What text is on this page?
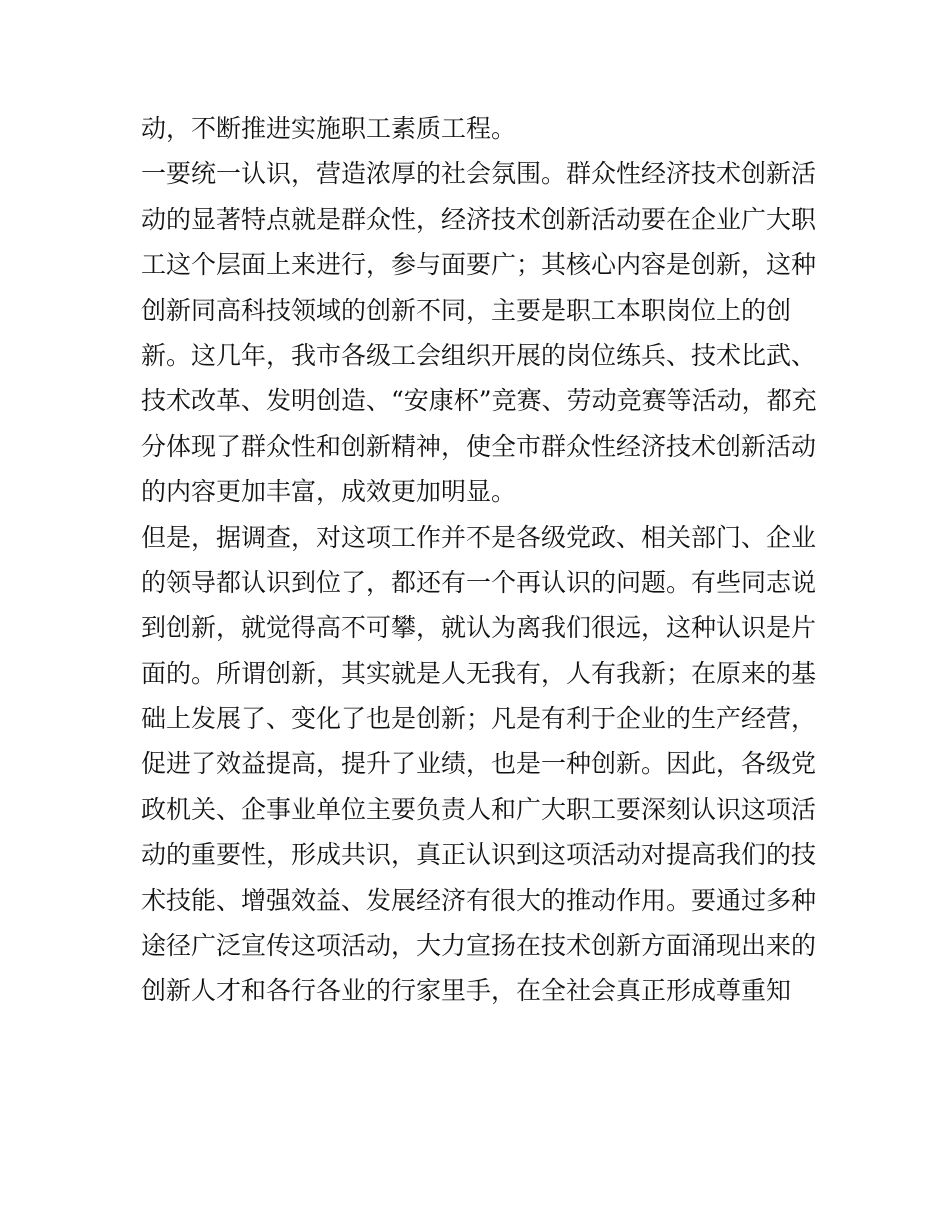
动，不断推进实施职工素质工程。
一要统一认识，营造浓厚的社会氛围。群众性经济技术创新活
动的显著特点就是群众性，经济技术创新活动要在企业广大职
工这个层面上来进行，参与面要广；其核心内容是创新，这种
创新同高科技领域的创新不同，主要是职工本职岗位上的创
新。这几年，我市各级工会组织开展的岗位练兵、技术比武、
技术改革、发明创造、“安康杯”竞赛、劳动竞赛等活动，都充
分体现了群众性和创新精神，使全市群众性经济技术创新活动
的内容更加丰富，成效更加明显。
但是，据调查，对这项工作并不是各级党政、相关部门、企业
的领导都认识到位了，都还有一个再认识的问题。有些同志说
到创新，就觉得高不可攀，就认为离我们很远，这种认识是片
面的。所谓创新，其实就是人无我有，人有我新；在原来的基
础上发展了、变化了也是创新；凡是有利于企业的生产经营，
促进了效益提高，提升了业绩，也是一种创新。因此，各级党
政机关、企事业单位主要负责人和广大职工要深刻认识这项活
动的重要性，形成共识，真正认识到这项活动对提高我们的技
术技能、增强效益、发展经济有很大的推动作用。要通过多种
途径广泛宣传这项活动，大力宣扬在技术创新方面涌现出来的
创新人才和各行各业的行家里手，在全社会真正形成尊重知
